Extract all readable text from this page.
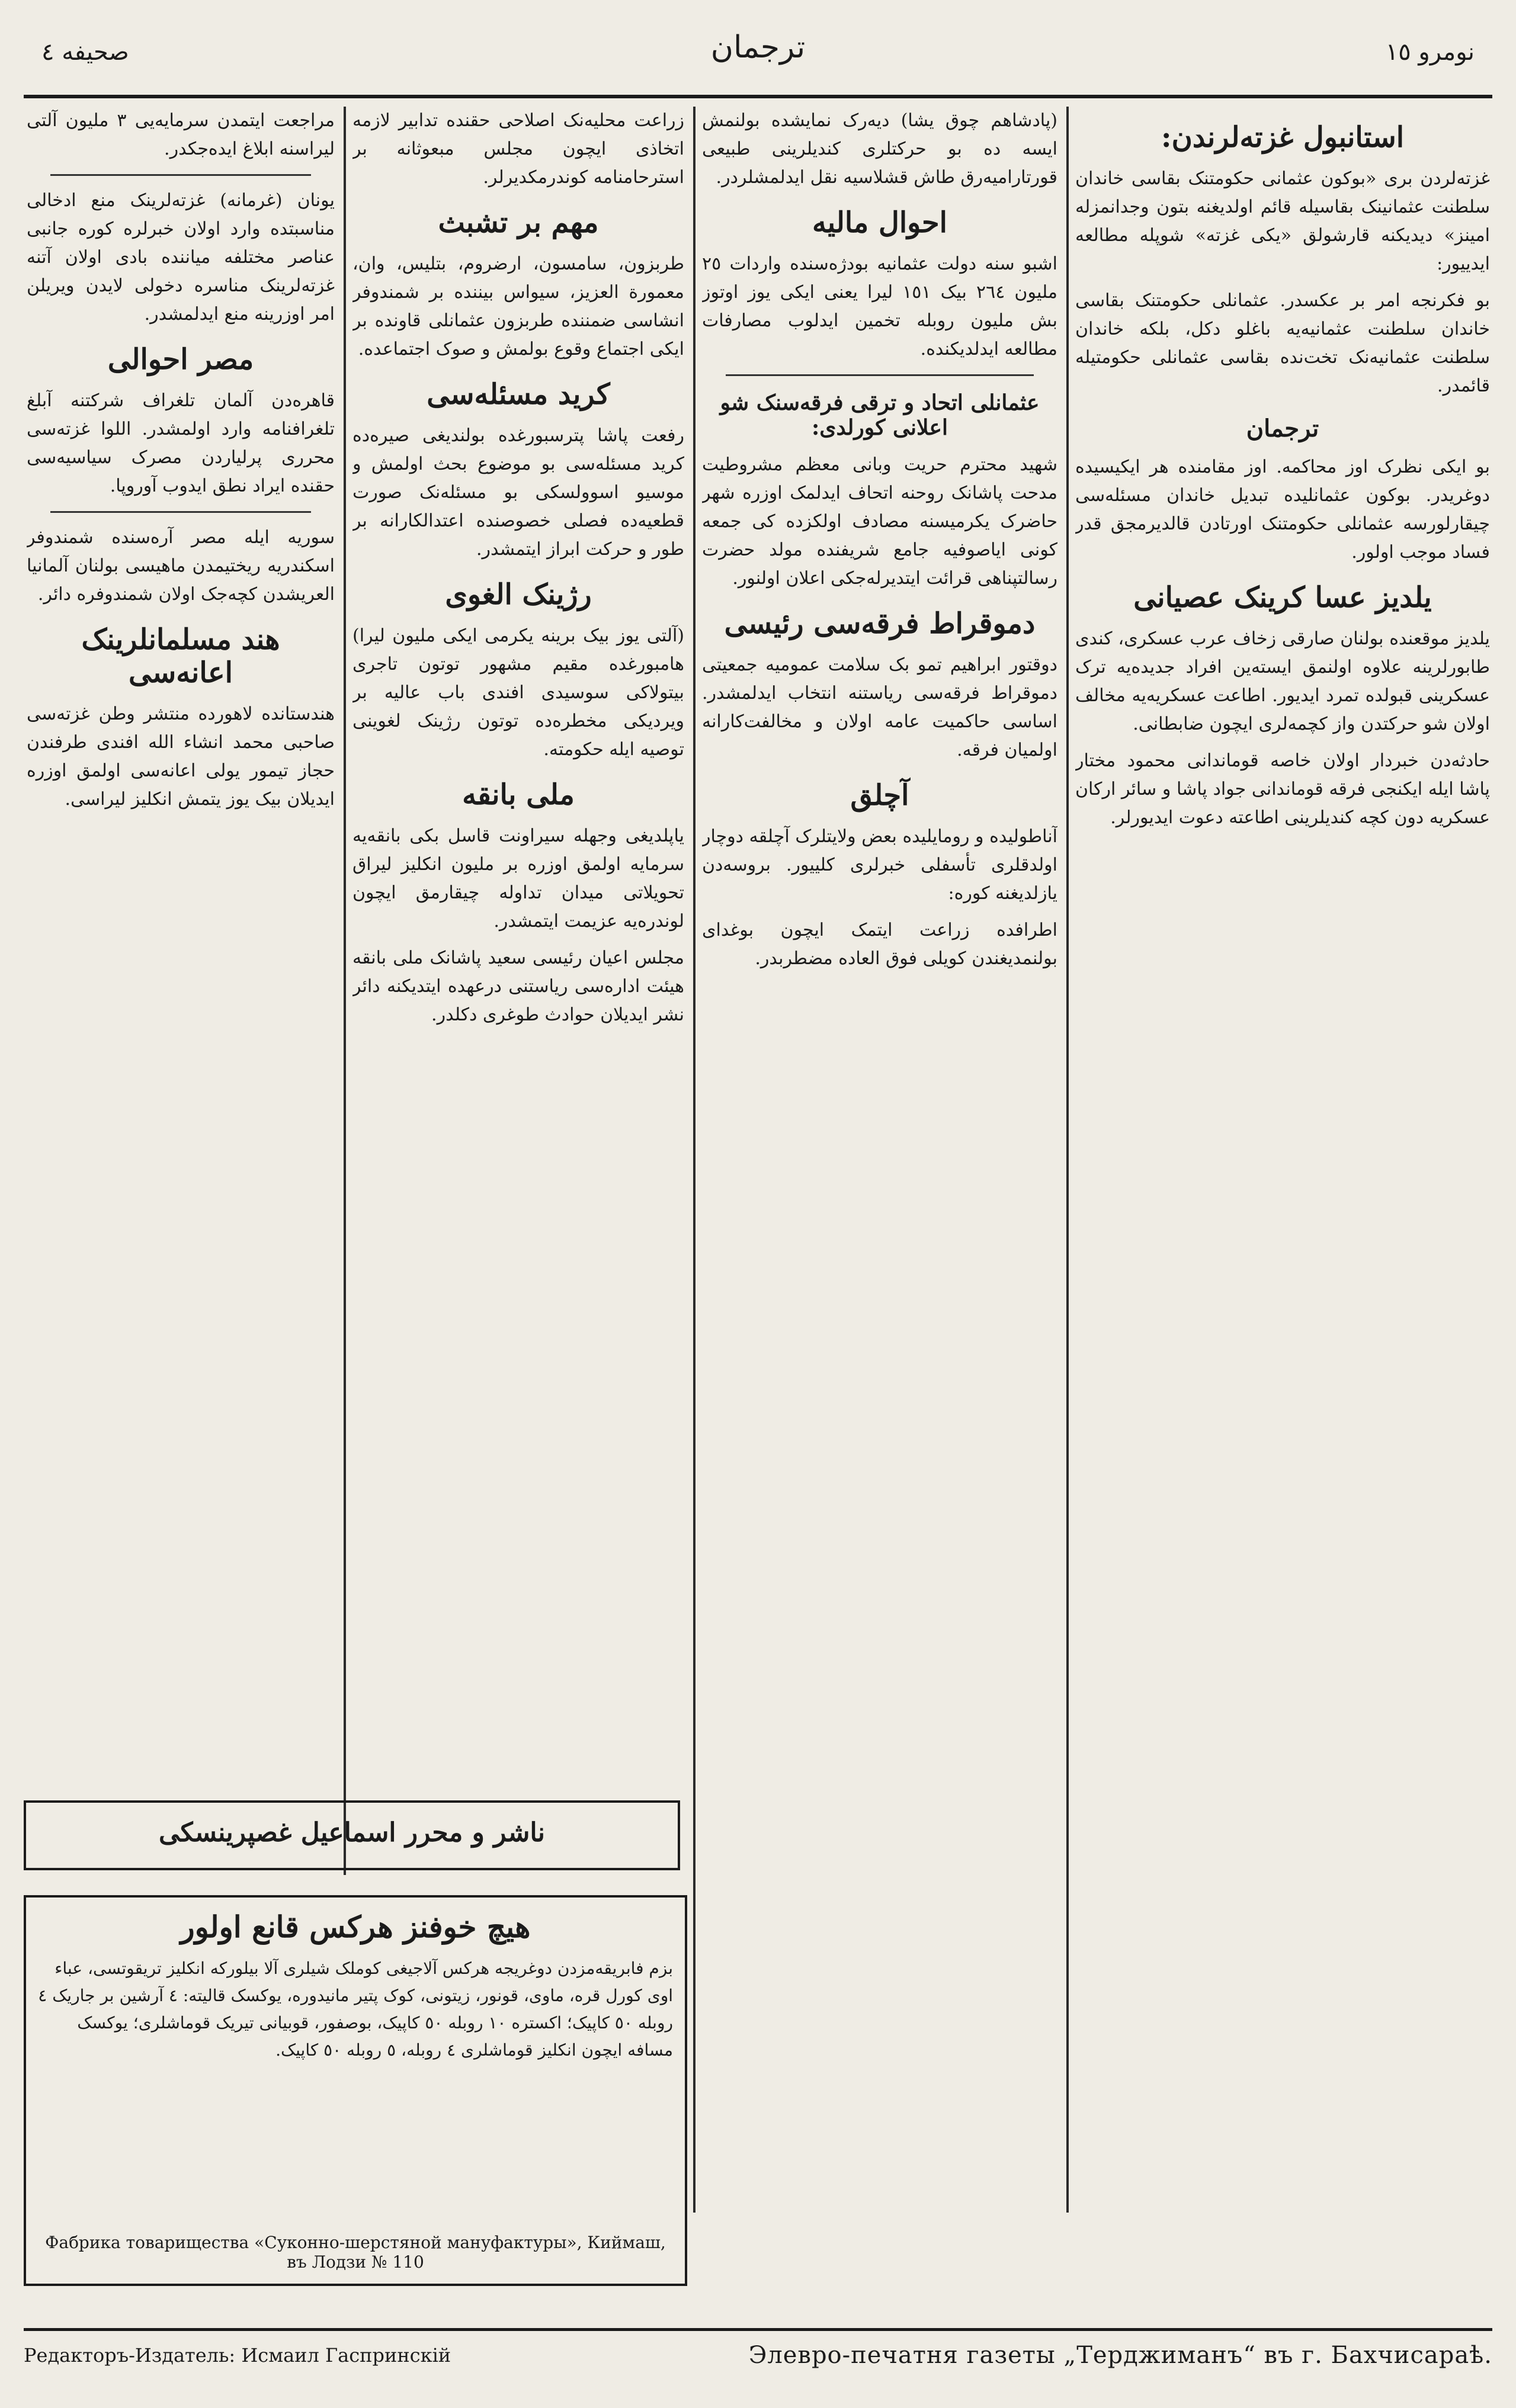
صحیفه ٤	ترجمان	نومرو ١٥
استانبول غزته‌لرندن:

غزته‌لردن بری «بوکون عثمانی حکومتنک بقاسی خاندان سلطنت عثمانینک بقاسیله قائم اولدیغنه بتون وجدانمزله امینز» دیدیکنه قارشولق «یکی غزته» شوپله مطالعه ایدییور:

بو فکرنجه امر بر عکسدر. عثمانلی حکومتنک بقاسی خاندان سلطنت عثمانیه‌یه باغلو دکل، بلکه خاندان سلطنت عثمانیه‌نک تخت‌نده بقاسی عثمانلی حکومتیله قائمدر.

ترجمان

بو ایکی نظرک اوز محاکمه. اوز مقامنده هر ایکیسیده دوغریدر. بوکون عثمانلیده تبدیل خاندان مسئله‌سی چیقارلورسه عثمانلی حکومتنک اورتادن قالدیرمجق قدر فساد موجب اولور.

یلدیز عسا کرینک عصیانی

یلدیز موقعنده بولنان صارقی زخاف عرب عسکری، کندی طابورلرینه علاوه اولنمق ایسته‌ین افراد جدیده‌یه ترک عسکرینی قبولده تمرد ایدیور. اطاعت عسکریه‌یه مخالف اولان شو حرکتدن واز کچمه‌لری ایچون ضابطانی.

حادثه‌دن خبردار اولان خاصه قوماندانی محمود مختار پاشا ایله ایکنجی فرقه قوماندانی جواد پاشا و سائر ارکان عسکریه دون کچه‌ کندیلرینی اطاعته دعوت ایدیورلر.

(پادشاهم چوق یشا) دیه‌رک نمایشده بولنمش ایسه ده بو حرکتلری کندیلرینی طبیعی قورتارامیه‌رق طاش قشلاسیه نقل ایدلمشلردر.

احوال مالیه

اشبو سنه دولت عثمانیه بودژه‌سنده واردات ٢٥ ملیون ٢٦٤ بیک ١٥١ لیرا یعنی ایکی یوز اوتوز بش ملیون روبله تخمین ایدلوب مصارفات مطالعه ایدلدیکنده.

عثمانلی اتحاد و ترقی فرقه‌سنک شو اعلانی کورلدی:

شهید محترم حریت وبانی معظم مشروطیت مدحت پاشانک روحنه اتحاف ایدلمک اوزره شهر حاضرک یکرمیسنه مصادف اولکزده کی جمعه کونی ایاصوفیه جامع شریفنده مولد حضرت رسالتپناهی قرائت ایتدیرله‌جکی اعلان اولنور.

دموقراط فرقه‌سی رئیسی

دوقتور ابراهیم تمو بک سلامت عمومیه جمعیتی دموقراط فرقه‌سی ریاستنه انتخاب ایدلمشدر. اساسی حاکمیت عامه اولان و مخالفت‌کارانه اولمیان فرقه.

آچلق

آناطولیده و رومایلیده بعض ولایتلرک آچلقه دوچار اولدقلری تأسفلی خبرلری کلییور. بروسه‌دن یازلدیغنه کوره:

اطرافده زراعت ایتمک ایچون بوغدای بولنمدیغندن کویلی فوق العاده مضطربدر.

زراعت محلیه‌نک اصلاحی حقنده تدابیر لازمه اتخاذی ایچون مجلس مبعوثانه بر استرحامنامه کوندرمکدیرلر.

مهم بر تشبث

طربزون، سامسون، ارضروم، بتلیس، وان، معمورة العزیز، سیواس بیننده بر شمندوفر انشاسی ضمننده طربزون عثمانلی قاونده بر ایکی اجتماع وقوع بولمش و صوک اجتماعده.

کرید مسئله‌سی

رفعت پاشا پترسبورغده بولندیغی صیره‌ده کرید مسئله‌سی بو موضوع بحث اولمش و موسیو اسوولسکی بو مسئله‌نک صورت قطعیه‌ده فصلی خصوصنده اعتدالکارانه بر طور و حرکت ابراز ایتمشدر.

رژینک الغوی

(آلتی یوز بیک برینه یکرمی ایکی ملیون لیرا) هامبورغده مقیم مشهور توتون تاجری بیتولاکی سوسیدی افندی باب عالیه بر ویردیکی مخطره‌ده توتون رژینک لغوینی توصیه ایله حکومته.

ملی بانقه

یاپلدیغی وجهله سیراونت قاسل بکی بانقه‌یه سرمایه اولمق اوزره بر ملیون انکلیز لیراق تحویلاتی میدان تداوله چیقارمق ایچون لوندره‌یه عزیمت ایتمشدر.

مجلس اعیان رئیسی سعید پاشانک ملی بانقه هیئت اداره‌سی ریاستنی درعهده ایتدیکنه دائر نشر ایدیلان حوادث طوغری دکلدر.

مراجعت ایتمدن سرمایه‌یی ٣ ملیون آلتی لیراسنه ابلاغ ایده‌جکدر.

یونان (غرمانه) غزته‌لرینک منع ادخالی مناسبتده وارد اولان خبرلره کوره جانبی عناصر مختلفه میاننده بادی اولان آتنه غزته‌لرینک مناسره دخولی لایدن ویریلن امر اوزرینه منع ایدلمشدر.

مصر احوالی

قاهره‌دن آلمان تلغراف شرکتنه آبلغ تلغرافنامه وارد اولمشدر. اللوا غزته‌سی محرری پرلیاردن مصرک سیاسیه‌سی حقنده ایراد نطق ایدوب آوروپا.

سوریه ایله مصر آره‌سنده شمندوفر اسکندریه ریختیمدن ماهیسی بولنان آلمانیا العریشدن کچه‌جک اولان شمندوفره دائر.

هند مسلمانلرینک اعانه‌سی

هندستانده لاهورده منتشر وطن غزته‌سی صاحبی محمد انشاء الله افندی طرفندن حجاز تیمور یولی اعانه‌سی اولمق اوزره ایدیلان بیک یوز یتمش انکلیز لیراسی.

ناشر و محرر اسماعیل غصپرینسکی
هیچ خوفنز هرکس قانع اولور

بزم فابریقه‌مزدن دوغریجه هرکس آلاجیغی کوملک شیلری آلا بیلورکه انکلیز تریقوتسی، عباء اوی کورل قره، ماوی، قونور، زیتونی، کوک پتیر مانیدوره، یوکسک قالیته: ٤ آرشین بر جاریک ٤ روبله ٥٠ کاپیک؛ اکستره ١٠ روبله ٥٠ کاپیک، بوصفور، قوبیانی تیریک قوماشلری؛ یوکسک مسافه ایچون انکلیز قوماشلری ٤ روبله، ٥ روبله ٥٠ کاپیک.

Фабрика товарищества «Суконно-шерстяной мануфактуры», Киймаш, въ Лодзи № 110
Редакторъ-Издатель: Исмаил Гаспринскій	Элевро-печатня газеты „Терджиманъ“ въ г. Бахчисараѣ.
